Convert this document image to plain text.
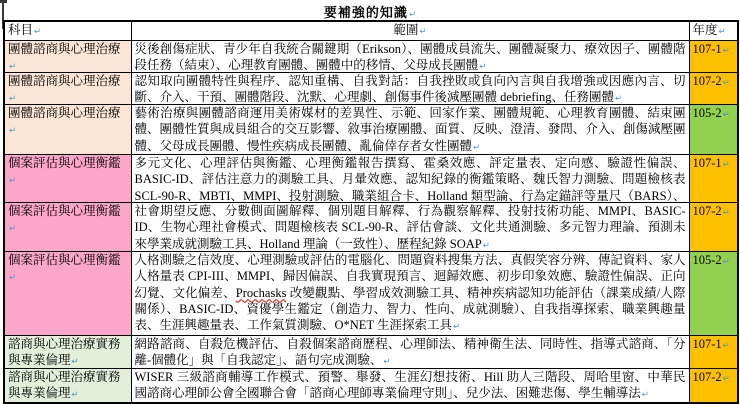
要補強的知識↵
科目↵	範圍↵	年度↵

團體諮商與心理治療↵	災後創傷症狀、青少年自我統合關鍵期（Erikson）、團體成員流失、團體凝聚力、療效因子、團體階段任務（結束）、心理教育團體、團體中的移情、父母成長團體↵	107-1↵

團體諮商與心理治療↵	認知取向團體特性與程序、認知重構、自我對話：自我挫敗或負向內言與自我增強或因應內言、切斷、介入、干預、團體階段、沈默、心理劇、創傷事件後減壓團體 debriefing、任務團體↵	107-2↵

團體諮商與心理治療↵	藝術治療與團體諮商運用美術媒材的差異性、示範、回家作業、團體規範、心理教育團體、結束團體、團體性質與成員組合的交互影響、敘事治療團體、面質、反映、澄清、發問、介入、創傷減壓團體、父母成長團體、慢性疾病成長團體、亂倫倖存者女性團體↵	105-2↵

個案評估與心理衡鑑↵	多元文化、心理評估與衡鑑、心理衡鑑報告撰寫、霍桑效應、評定量表、定向感、驗證性偏誤、BASIC-ID、評估注意力的測驗工具、月暈效應、認知紀錄的衡鑑策略、魏氏智力測驗、問題檢核表 SCL-90-R、MBTI、MMPI、投射測驗、職業組合卡、Holland 類型論、行為定錨評等量尺（BARS）、	107-1↵

個案評估與心理衡鑑↵	社會期望反應、分數側面圖解釋、個別題目解釋、行為觀察解釋、投射技術功能、MMPI、BASIC-ID、生物心理社會模式、問題檢核表 SCL-90-R、評估會談、文化共通測驗、多元智力理論、預測未來學業成就測驗工具、Holland 理論（一致性）、歷程紀錄 SOAP↵	107-2↵

個案評估與心理衡鑑↵	人格測驗之信效度、心理測驗或評估的電腦化、問題資料搜集方法、真假笑容分辨、傳記資料、家人人格量表 CPI-III、MMPI、歸因偏誤、自我實現預言、迴歸效應、初步印象效應、驗證性偏誤、正向幻覺、文化偏差、Prochasks 改變觀點、學習成效測驗工具、精神疾病認知功能評估（課業成績/人際關係）、BASIC-ID、資優學生鑑定（創造力、智力、性向、成就測驗）、自我指導探索、職業興趣量表、生涯興趣量表、工作氣質測驗、O*NET 生涯探索工具↵	105-2↵

諮商與心理治療實務與專業倫理↵	網路諮商、自殺危機評估、自殺個案諮商歷程、心理師法、精神衛生法、同時性、指導式諮商、「分離-個體化」與「自我認定」、語句完成測驗、↵	107-1↵

諮商與心理治療實務與專業倫理↵	WISER 三級諮商輔導工作模式、預警、舉發、生涯幻想技術、Hill 助人三階段、周哈里窗、中華民國諮商心理師公會全國聯合會「諮商心理師專業倫理守則」、兒少法、困難悲傷、學生輔導法↵	107-2↵
